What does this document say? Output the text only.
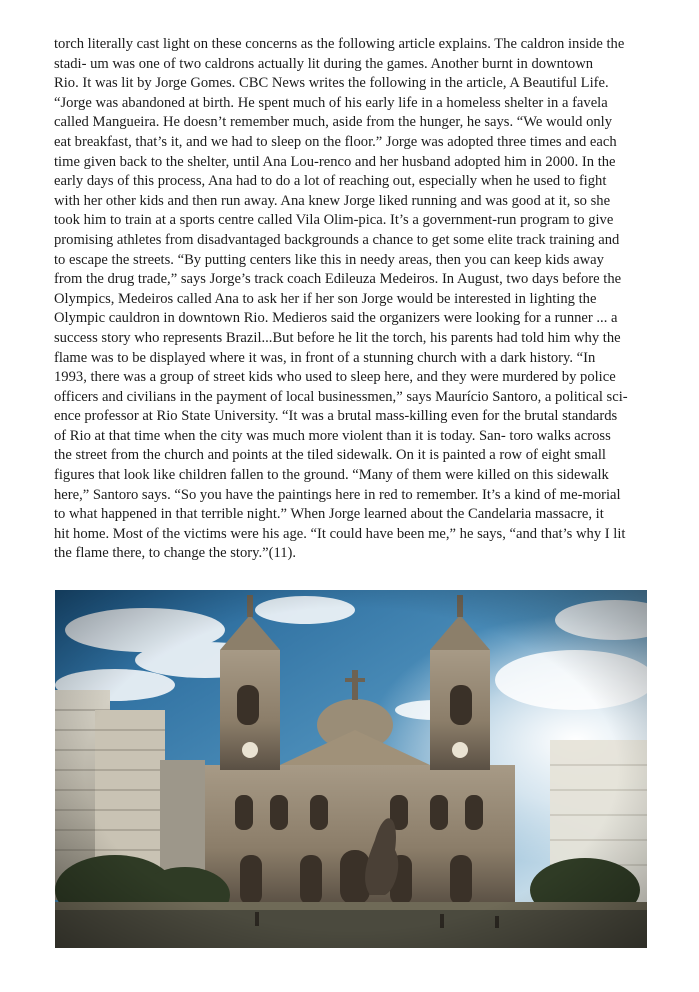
torch literally cast light on these concerns as the following article explains. The caldron inside the
stadi- um was one of two caldrons actually lit during the games. Another burnt in downtown
Rio. It was lit by Jorge Gomes. CBC News writes the following in the article, A Beautiful Life.
“Jorge was abandoned at birth. He spent much of his early life in a homeless shelter in a favela
called Mangueira. He doesn’t remember much, aside from the hunger, he says. “We would only
eat breakfast, that’s it, and we had to sleep on the floor.” Jorge was adopted three times and each
time given back to the shelter, until Ana Lou-renco and her husband adopted him in 2000. In the
early days of this process, Ana had to do a lot of reaching out, especially when he used to fight
with her other kids and then run away. Ana knew Jorge liked running and was good at it, so she
took him to train at a sports centre called Vila Olim-pica. It’s a government-run program to give
promising athletes from disadvantaged backgrounds a chance to get some elite track training and
to escape the streets. “By putting centers like this in needy areas, then you can keep kids away
from the drug trade,” says Jorge’s track coach Edileuza Medeiros. In August, two days before the
Olympics, Medeiros called Ana to ask her if her son Jorge would be interested in lighting the
Olympic cauldron in downtown Rio. Medieros said the organizers were looking for a runner ... a
success story who represents Brazil...But before he lit the torch, his parents had told him why the
flame was to be displayed where it was, in front of a stunning church with a dark history. “In
1993, there was a group of street kids who used to sleep here, and they were murdered by police
officers and civilians in the payment of local businessmen,” says Maurício Santoro, a political sci-
ence professor at Rio State University. “It was a brutal mass-killing even for the brutal standards
of Rio at that time when the city was much more violent than it is today. San- toro walks across
the street from the church and points at the tiled sidewalk. On it is painted a row of eight small
figures that look like children fallen to the ground. “Many of them were killed on this sidewalk
here,” Santoro says. “So you have the paintings here in red to remember. It’s a kind of me-morial
to what happened in that terrible night.” When Jorge learned about the Candelaria massacre, it
hit home. Most of the victims were his age. “It could have been me,” he says, “and that’s why I lit
the flame there, to change the story.”(11).
